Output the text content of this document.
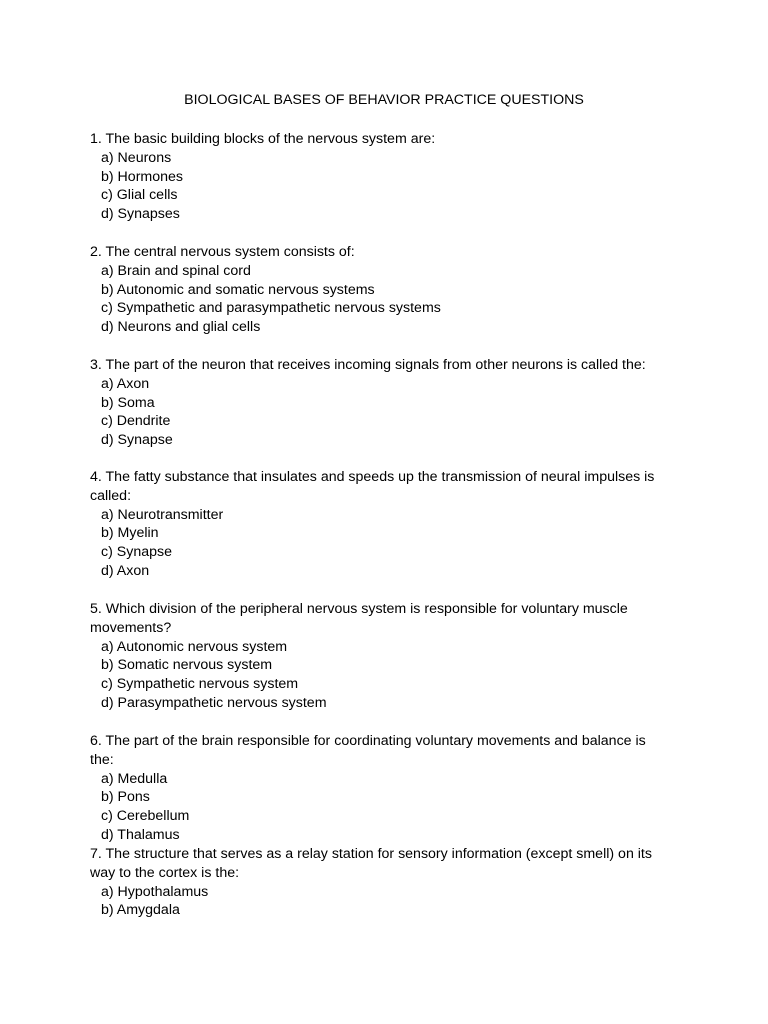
BIOLOGICAL BASES OF BEHAVIOR PRACTICE QUESTIONS

1. The basic building blocks of the nervous system are:

a) Neurons

b) Hormones

c) Glial cells

d) Synapses

2. The central nervous system consists of:

a) Brain and spinal cord

b) Autonomic and somatic nervous systems

c) Sympathetic and parasympathetic nervous systems

d) Neurons and glial cells

3. The part of the neuron that receives incoming signals from other neurons is called the:

a) Axon

b) Soma

c) Dendrite

d) Synapse

4. The fatty substance that insulates and speeds up the transmission of neural impulses is called:

a) Neurotransmitter

b) Myelin

c) Synapse

d) Axon

5. Which division of the peripheral nervous system is responsible for voluntary muscle movements?

a) Autonomic nervous system

b) Somatic nervous system

c) Sympathetic nervous system

d) Parasympathetic nervous system

6. The part of the brain responsible for coordinating voluntary movements and balance is the:

a) Medulla

b) Pons

c) Cerebellum

d) Thalamus

7. The structure that serves as a relay station for sensory information (except smell) on its way to the cortex is the:

a) Hypothalamus

b) Amygdala
